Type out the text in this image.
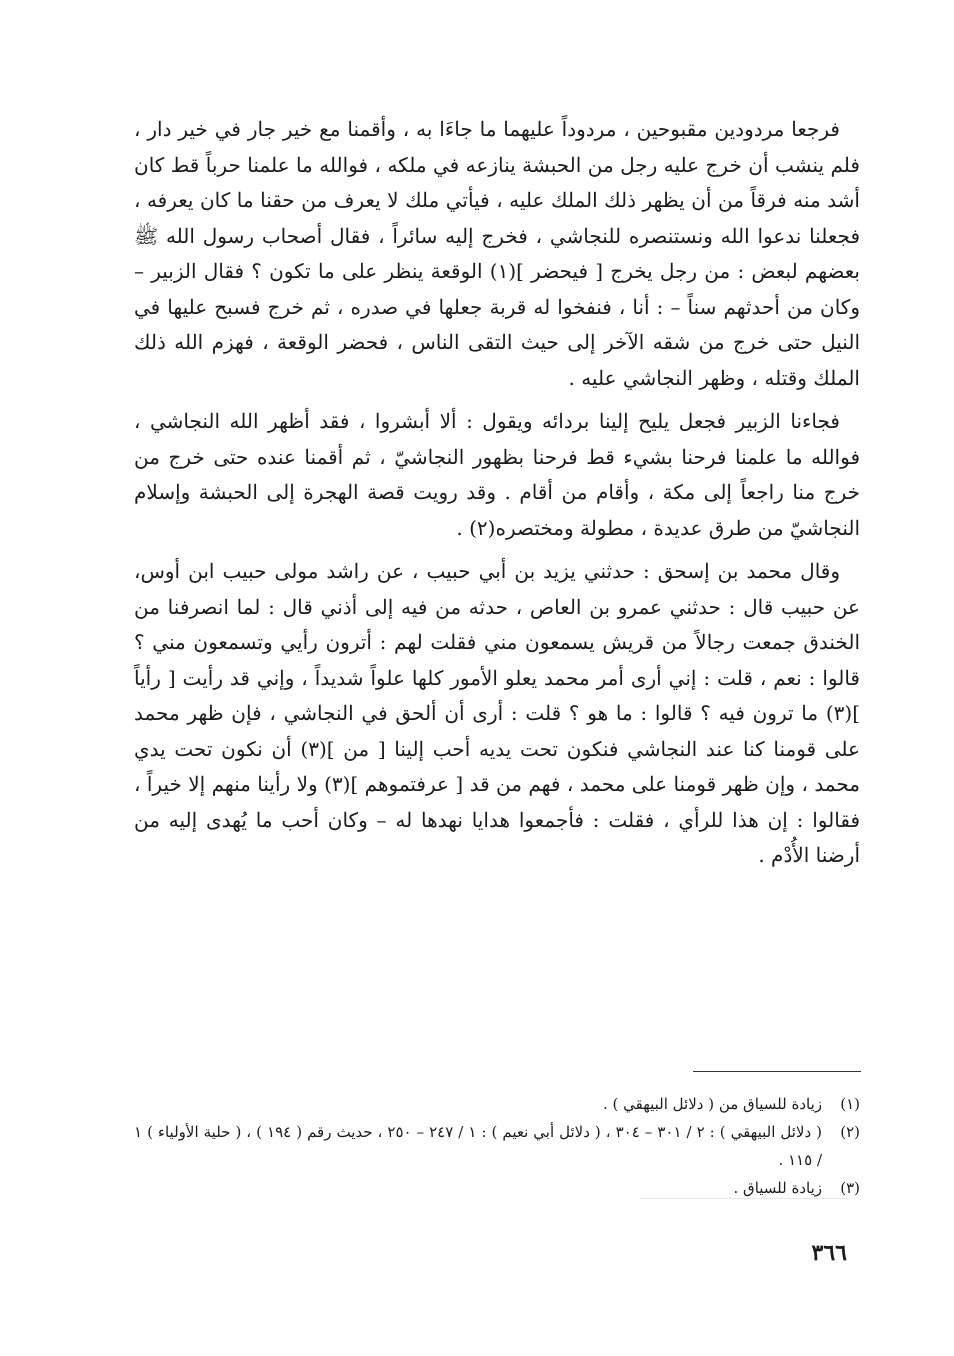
فرجعا مردودين مقبوحين ، مردوداً عليهما ما جاءَا به ، وأقمنا مع خير جار في خير دار ، فلم ينشب أن خرج عليه رجل من الحبشة ينازعه في ملكه ، فوالله ما علمنا حرباً قط كان أشد منه فرقاً من أن يظهر ذلك الملك عليه ، فيأتي ملك لا يعرف من حقنا ما كان يعرفه ، فجعلنا ندعوا الله ونستنصره للنجاشي ، فخرج إليه سائراً ، فقال أصحاب رسول الله ﷺ بعضهم لبعض : من رجل يخرج [ فيحضر ](١) الوقعة ينظر على ما تكون ؟ فقال الزبير – وكان من أحدثهم سناً – : أنا ، فنفخوا له قربة جعلها في صدره ، ثم خرج فسبح عليها في النيل حتى خرج من شقه الآخر إلى حيث التقى الناس ، فحضر الوقعة ، فهزم الله ذلك الملك وقتله ، وظهر النجاشي عليه .

فجاءنا الزبير فجعل يليح إلينا بردائه ويقول : ألا أبشروا ، فقد أظهر الله النجاشي ، فوالله ما علمنا فرحنا بشيء قط فرحنا بظهور النجاشيّ ، ثم أقمنا عنده حتى خرج من خرج منا راجعاً إلى مكة ، وأقام من أقام . وقد رويت قصة الهجرة إلى الحبشة وإسلام النجاشيّ من طرق عديدة ، مطولة ومختصره(٢) .

وقال محمد بن إسحق : حدثني يزيد بن أبي حبيب ، عن راشد مولى حبيب ابن أوس، عن حبيب قال : حدثني عمرو بن العاص ، حدثه من فيه إلى أذني قال : لما انصرفنا من الخندق جمعت رجالاً من قريش يسمعون مني فقلت لهم : أترون رأيي وتسمعون مني ؟ قالوا : نعم ، قلت : إني أرى أمر محمد يعلو الأمور كلها علواً شديداً ، وإني قد رأيت [ رأياً ](٣) ما ترون فيه ؟ قالوا : ما هو ؟ قلت : أرى أن ألحق في النجاشي ، فإن ظهر محمد على قومنا كنا عند النجاشي فنكون تحت يديه أحب إلينا [ من ](٣) أن نكون تحت يدي محمد ، وإن ظهر قومنا على محمد ، فهم من قد [ عرفتموهم ](٣) ولا رأينا منهم إلا خيراً ، فقالوا : إن هذا للرأي ، فقلت : فأجمعوا هدايا نهدها له – وكان أحب ما يُهدى إليه من أرضنا الأُدْم .

(١)
زيادة للسياق من ( دلائل البيهقي ) .
(٢)
( دلائل البيهقي ) : ٢ / ٣٠١ – ٣٠٤ ، ( دلائل أبي نعيم ) : ١ / ٢٤٧ – ٢٥٠ ، حديث رقم ( ١٩٤ ) ، ( حلية الأولياء ) ١ / ١١٥ .
(٣)
زيادة للسياق .
٣٦٦
